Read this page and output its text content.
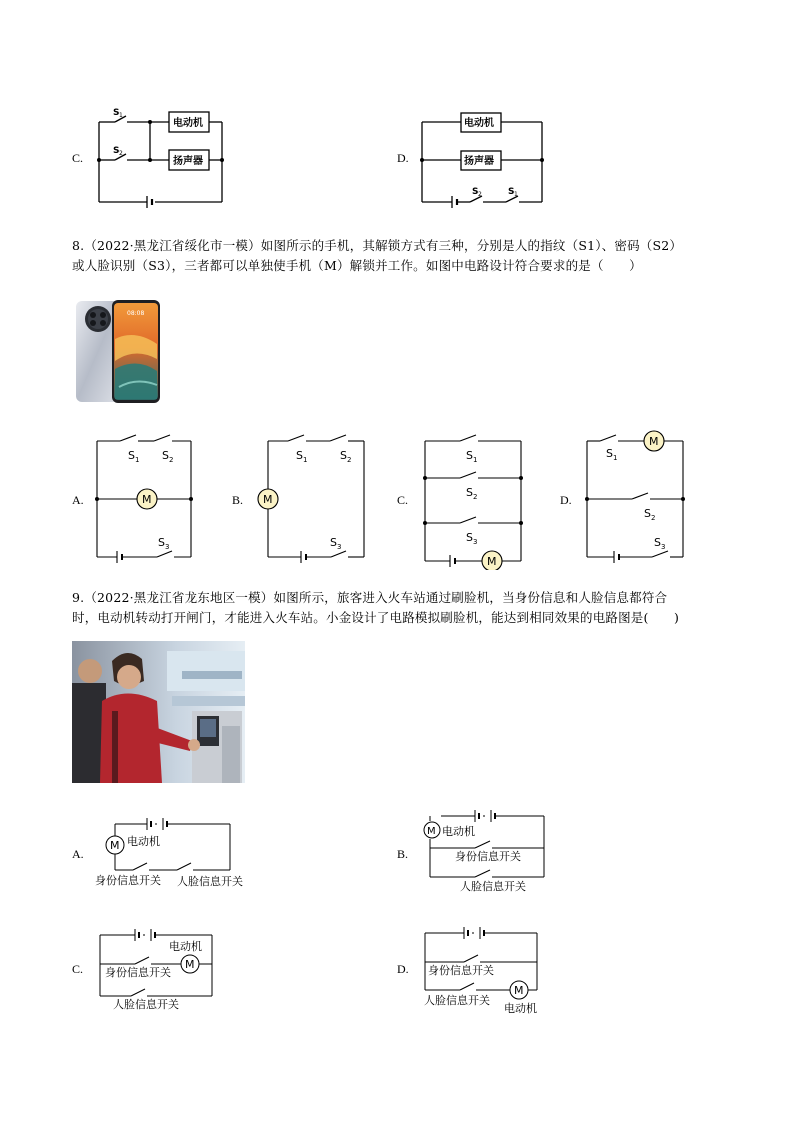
C.
电动机
扬声器
S 1
S 2	D.
电动机
扬声器
S 2	S 1
8.（2022·黑龙江省绥化市一模）如图所示的手机，其解锁方式有三种，分别是人的指纹（S1）、密码（S2）
或人脸识别（S3），三者都可以单独使手机（M）解锁并工作。如图中电路设计符合要求的是（　　）
08:08
A.	M
S 1 S 2
S 3
B. M
S 1	S 2
S 3
C.
M
S 1
S 2
S 3
D.
M
S 1
S 2
S 3
9.（2022·黑龙江省龙东地区一模）如图所示，旅客进入火车站通过刷脸机，当身份信息和人脸信息都符合
时，电动机转动打开闸门，才能进入火车站。小金设计了电路模拟刷脸机，能达到相同效果的电路图是(　　)
A.
M 电动机
身份信息开关 人脸信息开关
B.
M 电动机
身份信息开关
人脸信息开关
C.	M
电动机
身份信息开关
人脸信息开关
D.
M
身份信息开关
人脸信息开关
电动机
